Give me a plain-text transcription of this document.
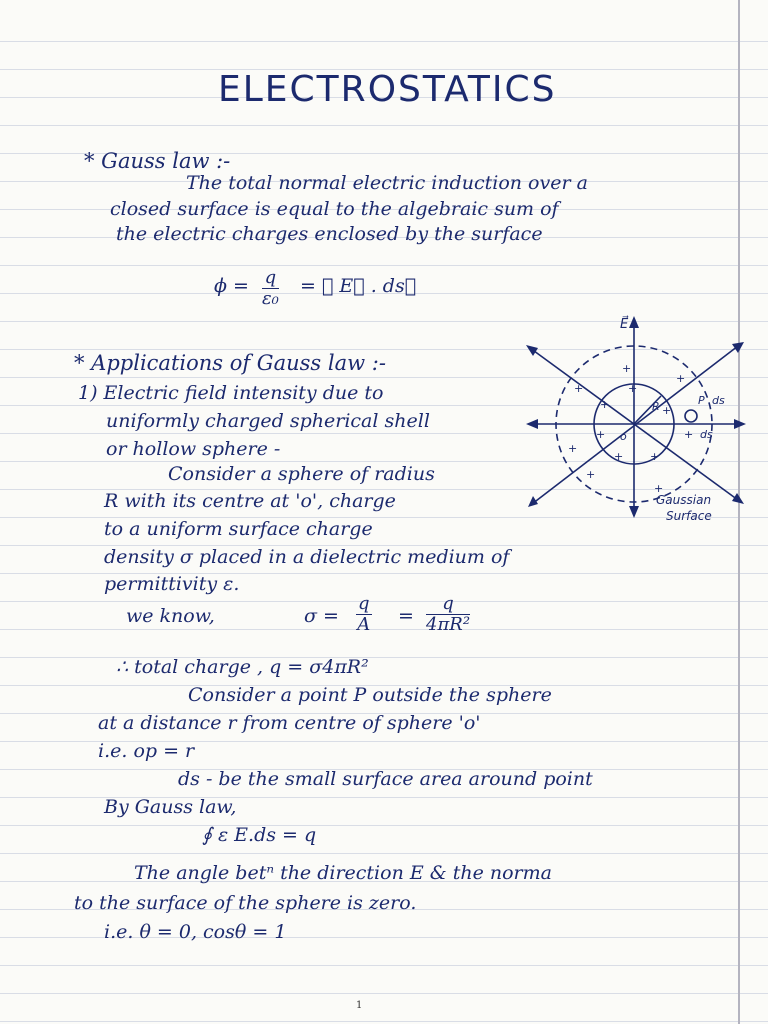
ELECTROSTATICS
* Gauss law :-
The total normal electric induction over a
closed surface is equal to the algebraic sum of
the electric charges enclosed by the surface
$\phi = \frac{q}{\text{ε₀}}$ = ∮ E⃗ . ds⃗
* Applications of Gauss law :-
1) Electric field intensity due to
uniformly charged spherical shell
or hollow sphere -
Consider a sphere of radius
R with its centre at 'o', charge
to a uniform surface charge
density σ placed in a dielectric medium of
permittivity ε.
we know,	$\sigma = \frac{q}{A} = \frac{q}{\text{4πR²}}$
∴ total charge , q = σ4πR²
Consider a point P outside the sphere
at a distance r from centre of sphere 'o'
i.e. op = r
ds - be the small surface area around point
By Gauss law,
∮ ε E.ds = q
The angle betⁿ the direction E & the norma
to the surface of the sphere is zero.
i.e. θ = 0, cosθ = 1
+
+
+
+
+ +
+
+
+
+
+
+
+
E⃗
R
o
P ds
ds
Gaussian
Surface
1
